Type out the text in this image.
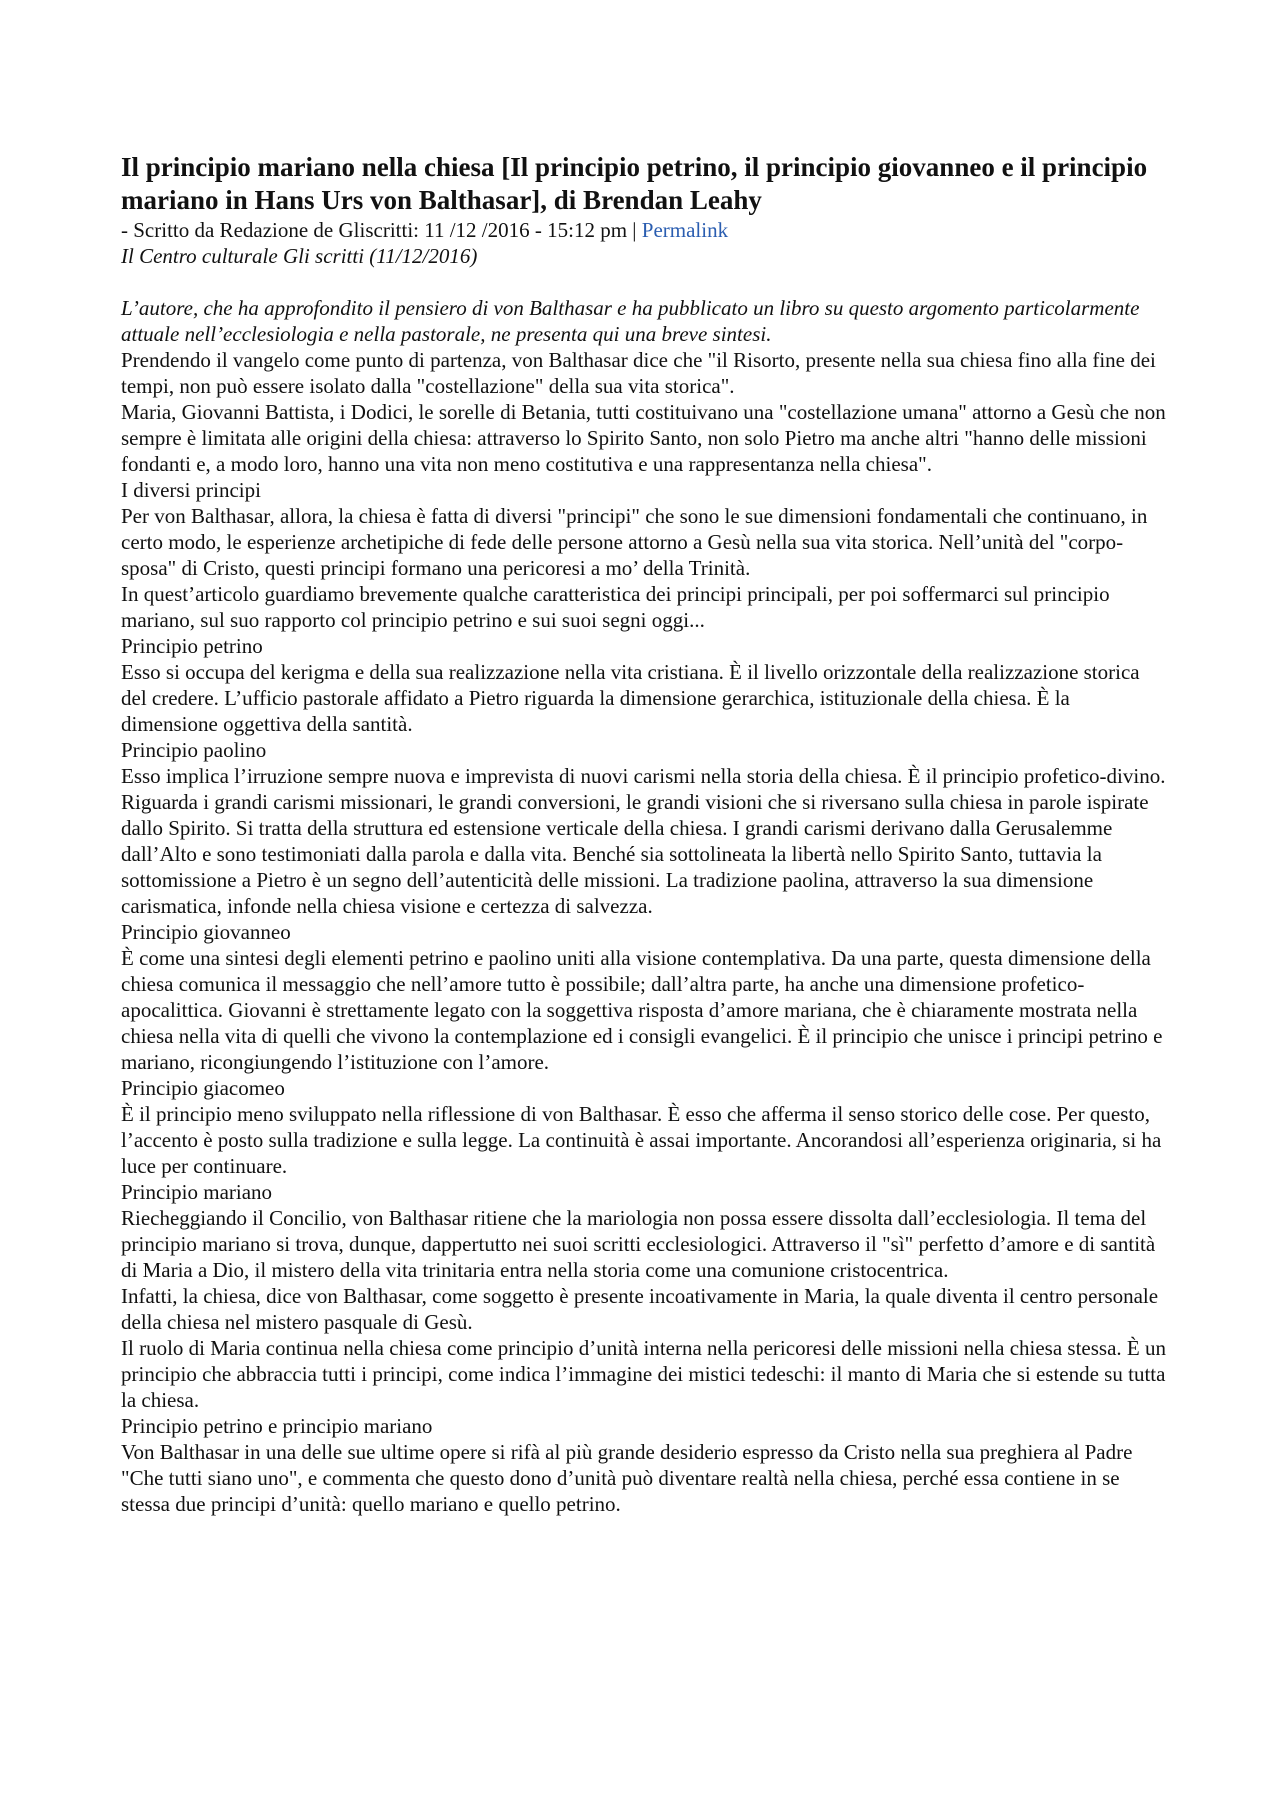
Il principio mariano nella chiesa [Il principio petrino, il principio giovanneo e il principio mariano in Hans Urs von Balthasar], di Brendan Leahy

- Scritto da Redazione de Gliscritti: 11 /12 /2016 - 15:12 pm | Permalink

Il Centro culturale Gli scritti (11/12/2016)

L’autore, che ha approfondito il pensiero di von Balthasar e ha pubblicato un libro su questo argomento particolarmente attuale nell’ecclesiologia e nella pastorale, ne presenta qui una breve sintesi.

Prendendo il vangelo come punto di partenza, von Balthasar dice che "il Risorto, presente nella sua chiesa fino alla fine dei tempi, non può essere isolato dalla "costellazione" della sua vita storica".

Maria, Giovanni Battista, i Dodici, le sorelle di Betania, tutti costituivano una "costellazione umana" attorno a Gesù che non sempre è limitata alle origini della chiesa: attraverso lo Spirito Santo, non solo Pietro ma anche altri "hanno delle missioni fondanti e, a modo loro, hanno una vita non meno costitutiva e una rappresentanza nella chiesa".

I diversi principi

Per von Balthasar, allora, la chiesa è fatta di diversi "principi" che sono le sue dimensioni fondamentali che continuano, in certo modo, le esperienze archetipiche di fede delle persone attorno a Gesù nella sua vita storica. Nell’unità del "corpo-sposa" di Cristo, questi principi formano una pericoresi a mo’ della Trinità.

In quest’articolo guardiamo brevemente qualche caratteristica dei principi principali, per poi soffermarci sul principio mariano, sul suo rapporto col principio petrino e sui suoi segni oggi...

Principio petrino

Esso si occupa del kerigma e della sua realizzazione nella vita cristiana. È il livello orizzontale della realizzazione storica del credere. L’ufficio pastorale affidato a Pietro riguarda la dimensione gerarchica, istituzionale della chiesa. È la dimensione oggettiva della santità.

Principio paolino

Esso implica l’irruzione sempre nuova e imprevista di nuovi carismi nella storia della chiesa. È il principio profetico-divino. Riguarda i grandi carismi missionari, le grandi conversioni, le grandi visioni che si riversano sulla chiesa in parole ispirate dallo Spirito. Si tratta della struttura ed estensione verticale della chiesa. I grandi carismi derivano dalla Gerusalemme dall’Alto e sono testimoniati dalla parola e dalla vita. Benché sia sottolineata la libertà nello Spirito Santo, tuttavia la sottomissione a Pietro è un segno dell’autenticità delle missioni. La tradizione paolina, attraverso la sua dimensione carismatica, infonde nella chiesa visione e certezza di salvezza.

Principio giovanneo

È come una sintesi degli elementi petrino e paolino uniti alla visione contemplativa. Da una parte, questa dimensione della chiesa comunica il messaggio che nell’amore tutto è possibile; dall’altra parte, ha anche una dimensione profetico-apocalittica. Giovanni è strettamente legato con la soggettiva risposta d’amore mariana, che è chiaramente mostrata nella chiesa nella vita di quelli che vivono la contemplazione ed i consigli evangelici. È il principio che unisce i principi petrino e mariano, ricongiungendo l’istituzione con l’amore.

Principio giacomeo

È il principio meno sviluppato nella riflessione di von Balthasar. È esso che afferma il senso storico delle cose. Per questo, l’accento è posto sulla tradizione e sulla legge. La continuità è assai importante. Ancorandosi all’esperienza originaria, si ha luce per continuare.

Principio mariano

Riecheggiando il Concilio, von Balthasar ritiene che la mariologia non possa essere dissolta dall’ecclesiologia. Il tema del principio mariano si trova, dunque, dappertutto nei suoi scritti ecclesiologici. Attraverso il "sì" perfetto d’amore e di santità di Maria a Dio, il mistero della vita trinitaria entra nella storia come una comunione cristocentrica.

Infatti, la chiesa, dice von Balthasar, come soggetto è presente incoativamente in Maria, la quale diventa il centro personale della chiesa nel mistero pasquale di Gesù.

Il ruolo di Maria continua nella chiesa come principio d’unità interna nella pericoresi delle missioni nella chiesa stessa. È un principio che abbraccia tutti i principi, come indica l’immagine dei mistici tedeschi: il manto di Maria che si estende su tutta la chiesa.

Principio petrino e principio mariano

Von Balthasar in una delle sue ultime opere si rifà al più grande desiderio espresso da Cristo nella sua preghiera al Padre "Che tutti siano uno", e commenta che questo dono d’unità può diventare realtà nella chiesa, perché essa contiene in se stessa due principi d’unità: quello mariano e quello petrino.
